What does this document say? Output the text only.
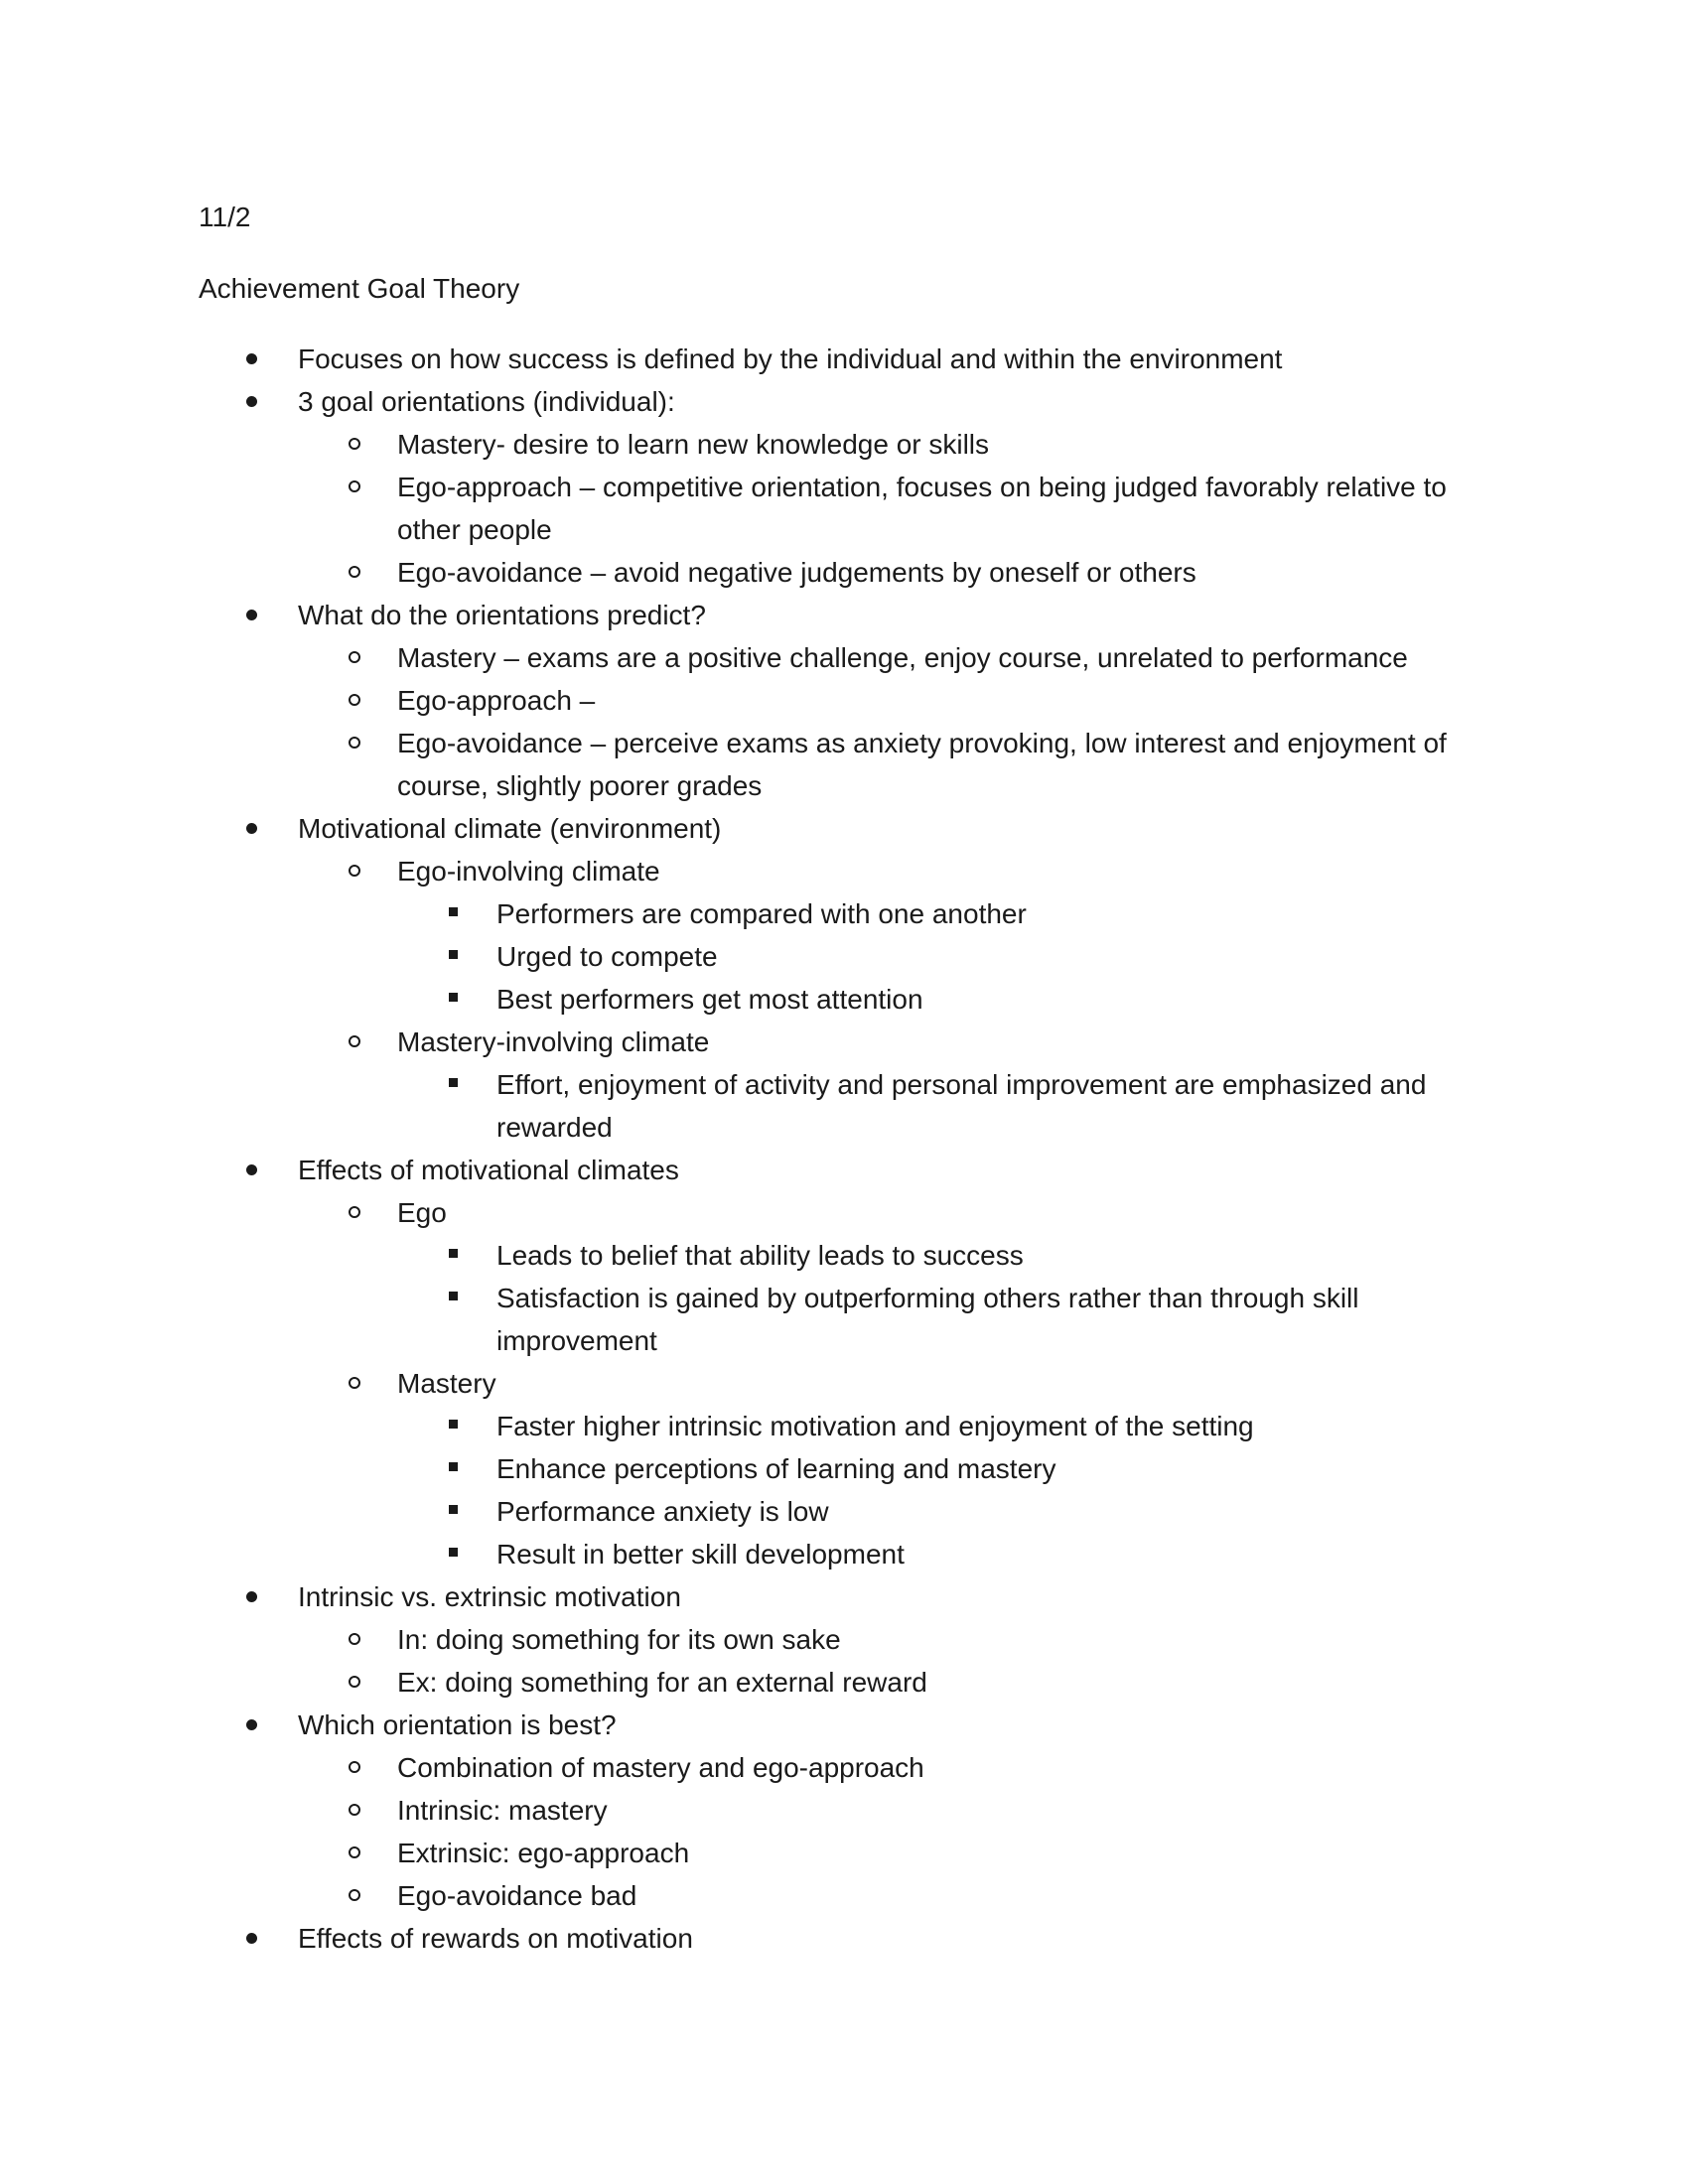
11/2
Achievement Goal Theory
Focuses on how success is defined by the individual and within the environment
3 goal orientations (individual):
Mastery- desire to learn new knowledge or skills
Ego-approach – competitive orientation, focuses on being judged favorably relative to other people
Ego-avoidance – avoid negative judgements by oneself or others
What do the orientations predict?
Mastery – exams are a positive challenge, enjoy course, unrelated to performance
Ego-approach –
Ego-avoidance – perceive exams as anxiety provoking, low interest and enjoyment of course, slightly poorer grades
Motivational climate (environment)
Ego-involving climate
Performers are compared with one another
Urged to compete
Best performers get most attention
Mastery-involving climate
Effort, enjoyment of activity and personal improvement are emphasized and rewarded
Effects of motivational climates
Ego
Leads to belief that ability leads to success
Satisfaction is gained by outperforming others rather than through skill improvement
Mastery
Faster higher intrinsic motivation and enjoyment of the setting
Enhance perceptions of learning and mastery
Performance anxiety is low
Result in better skill development
Intrinsic vs. extrinsic motivation
In: doing something for its own sake
Ex: doing something for an external reward
Which orientation is best?
Combination of mastery and ego-approach
Intrinsic: mastery
Extrinsic: ego-approach
Ego-avoidance bad
Effects of rewards on motivation
